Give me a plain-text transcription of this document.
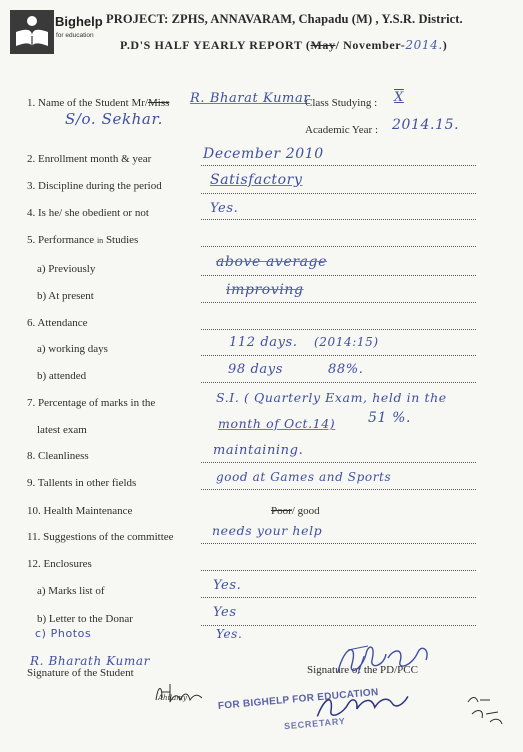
Bighelp
for education
PROJECT: ZPHS, ANNAVARAM, Chapadu (M) , Y.S.R. District.
P.D'S HALF YEARLY REPORT (May/ November-2014.)
1. Name of the Student Mr/Miss R. Bharat Kumar
Class Studying : X
S/o. Sekhar.
Academic Year : 2014.15.
2. Enrollment month & year	December 2010
3. Discipline during the period	Satisfactory
4. Is he/ she obedient or not	Yes.
5. Performance in Studies
a) Previously	above average
b) At present	improving
6. Attendance
a) working days	112 days. (2014:15)
b) attended	98 days	88%.
7. Percentage of marks in the	S.I. ( Quarterly Exam, held in the
latest exam	month of Oct.14) 51 %.
8. Cleanliness	maintaining.
9. Tallents in other fields	good at Games and Sports
10. Health Maintenance	Poor/ good
11. Suggestions of the committee	needs your help
12. Enclosures
a) Marks list of	Yes.
b) Letter to the Donar	Yes
c) Photos	Yes.
R. Bharath Kumar
Signature of the Student	Signature of the PD/PCC
Ahilamy	FOR BIGHELP FOR EDUCATION
SECRETARY
